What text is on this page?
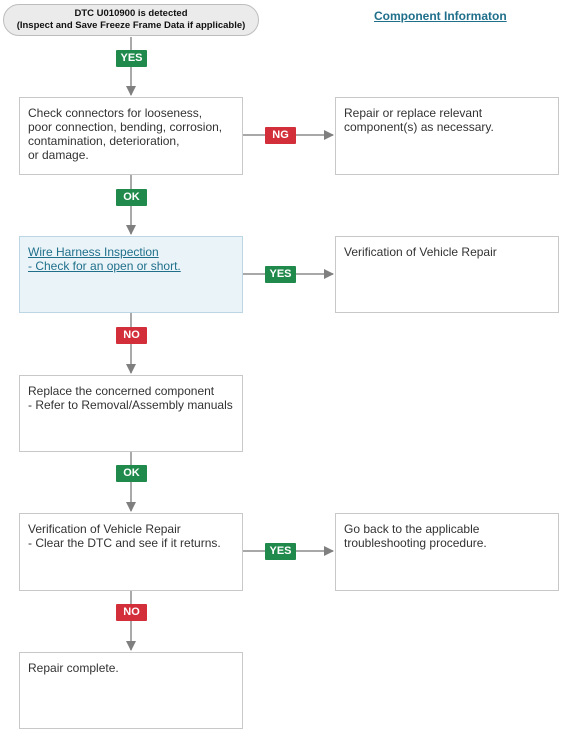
DTC U010900 is detected
(Inspect and Save Freeze Frame Data if applicable)
Component Informaton
Check connectors for looseness,
poor connection, bending, corrosion,
contamination, deterioration,
or damage.
Repair or replace relevant
component(s) as necessary.
Wire Harness Inspection
- Check for an open or short.
Verification of Vehicle Repair
Replace the concerned component
- Refer to Removal/Assembly manuals
Verification of Vehicle Repair
- Clear the DTC and see if it returns.
Go back to the applicable
troubleshooting procedure.
Repair complete.
YES
NG
OK
YES
NO
OK
YES
NO
